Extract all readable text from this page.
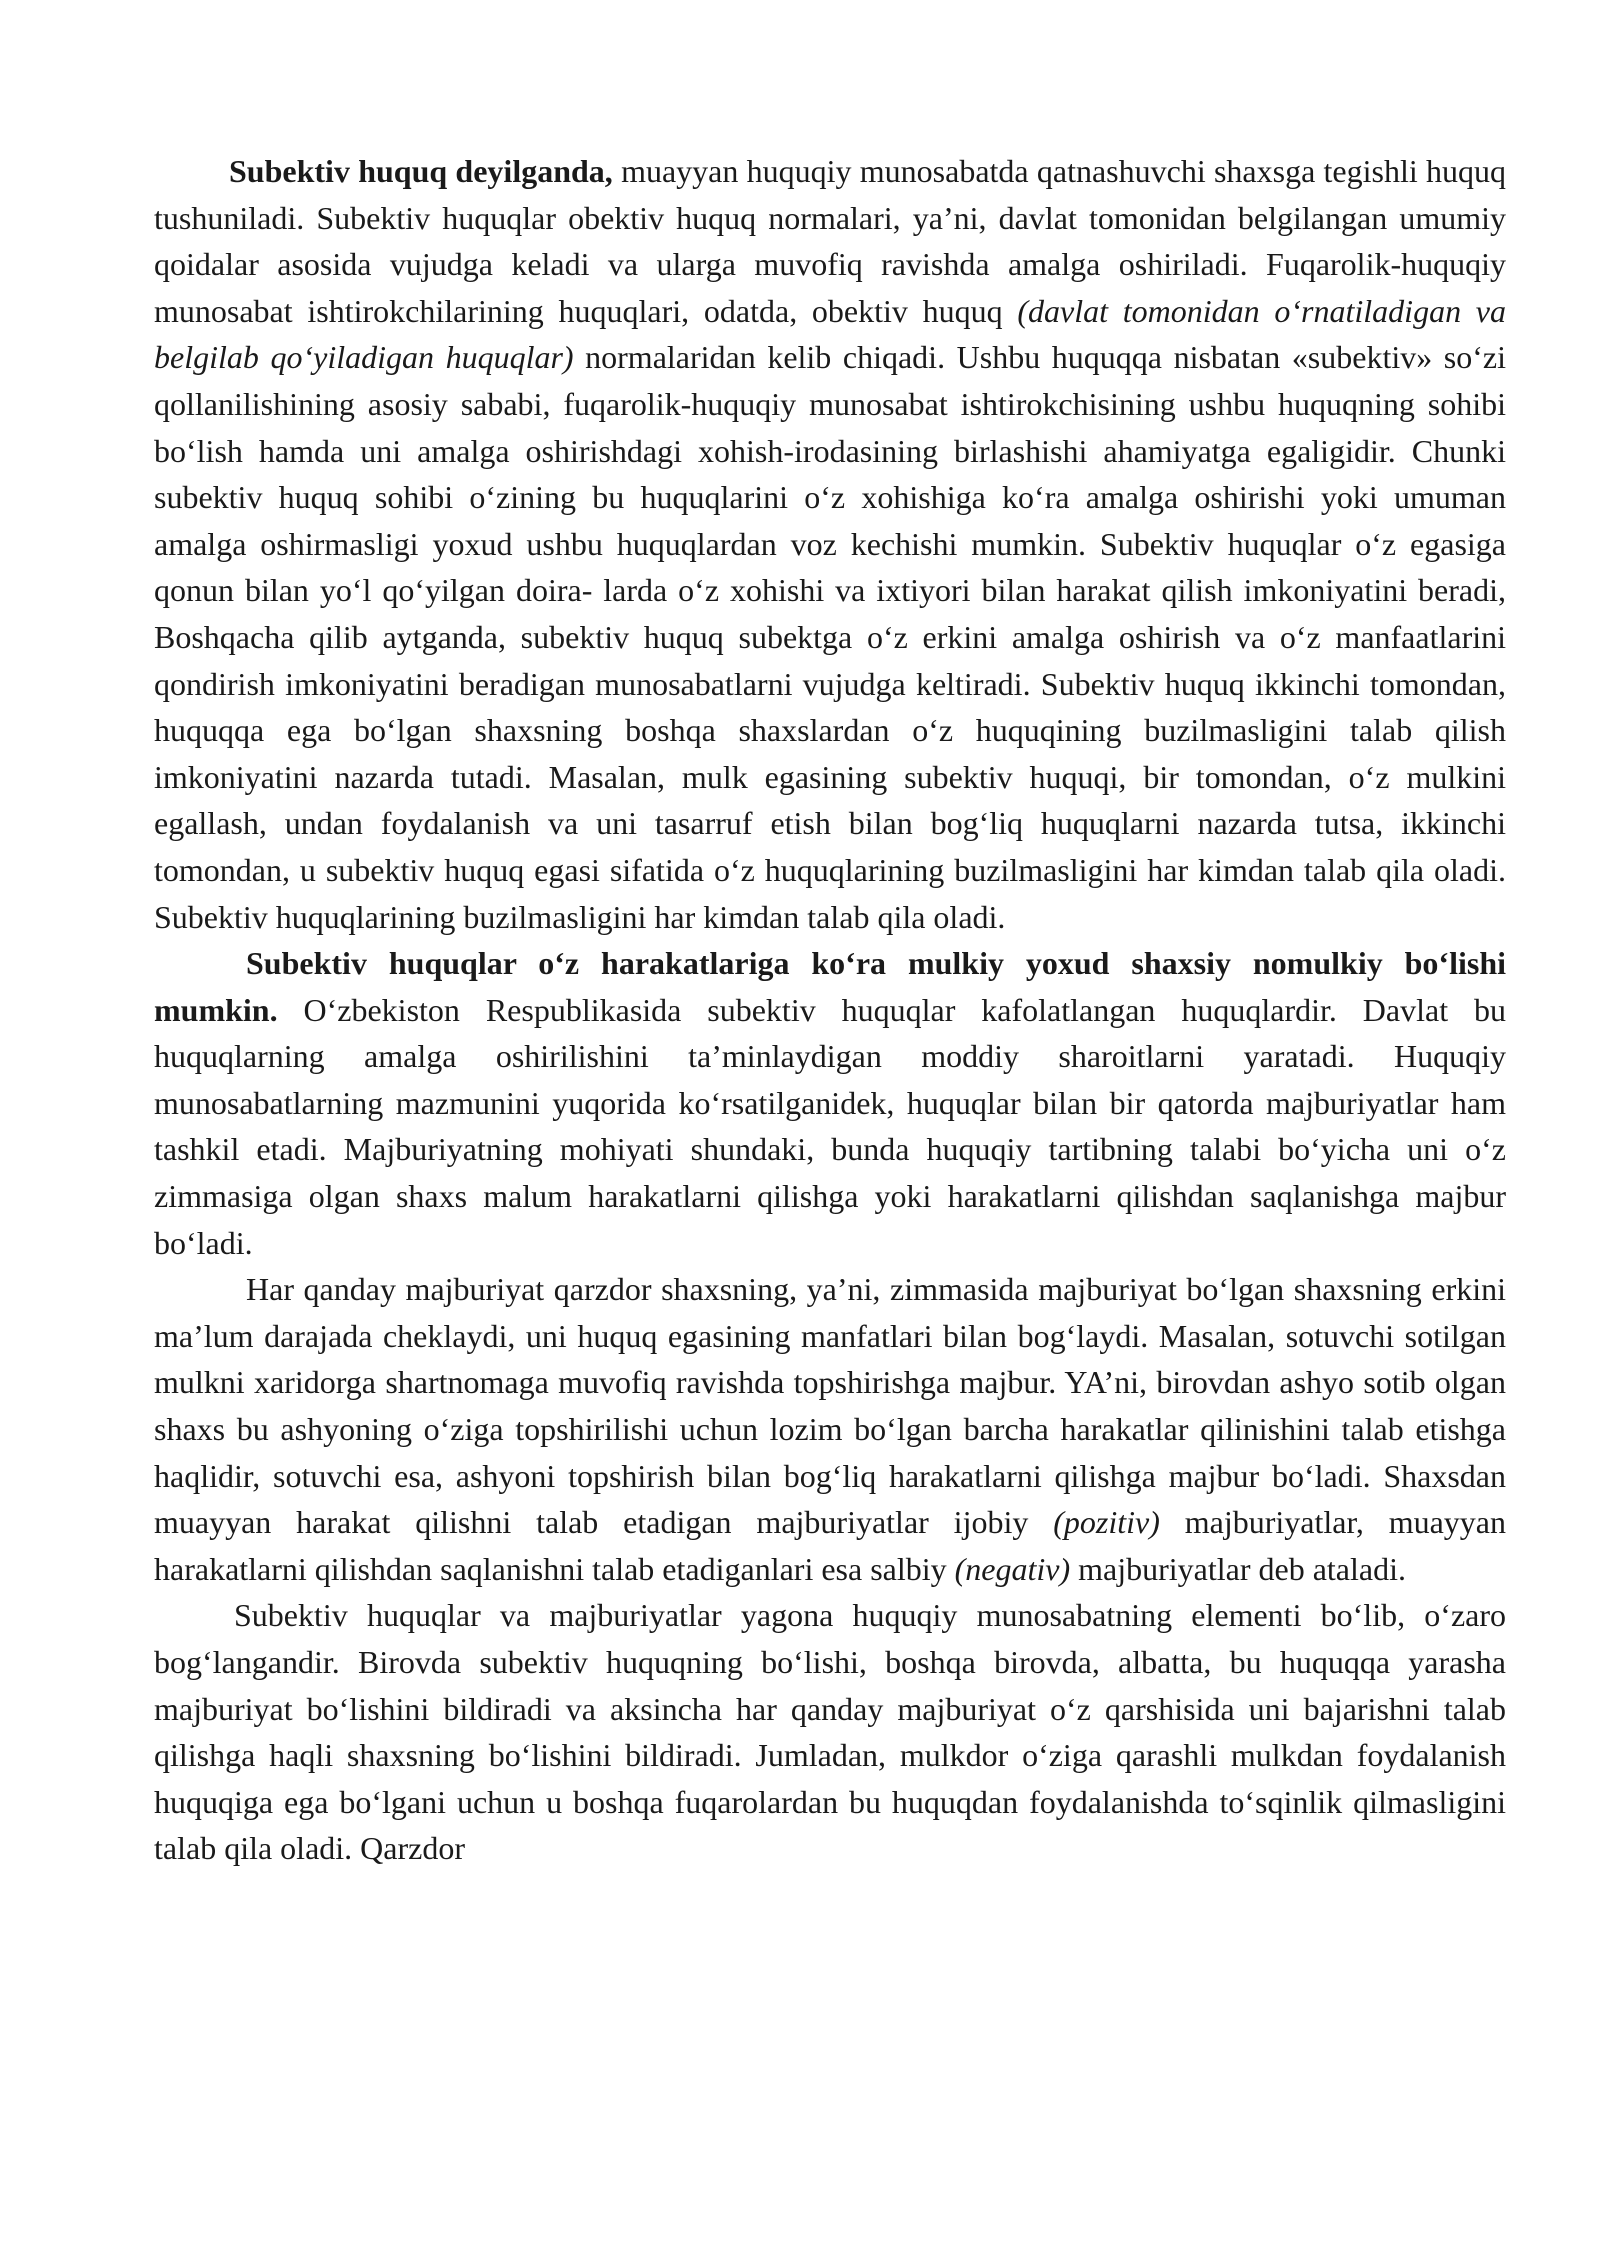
Subektiv huquq deyilganda, muayyan huquqiy munosabatda qatnashuvchi shaxsga tegishli huquq tushuniladi. Subektiv huquqlar obektiv huquq normalari, ya’ni, davlat tomonidan belgilangan umumiy qoidalar asosida vujudga keladi va ularga muvofiq ravishda amalga oshiriladi. Fuqarolik-huquqiy munosabat ishtirokchilarining huquqlari, odatda, obektiv huquq (davlat tomonidan o‘rnatiladigan va belgilab qo‘yiladigan huquqlar) normalaridan kelib chiqadi. Ushbu huquqqa nisbatan «subektiv» so‘zi qollanilishining asosiy sababi, fuqarolik-huquqiy munosabat ishtirokchisining ushbu huquqning sohibi bo‘lish hamda uni amalga oshirishdagi xohish-irodasining birlashishi ahamiyatga egaligidir. Chunki subektiv huquq sohibi o‘zining bu huquqlarini o‘z xohishiga ko‘ra amalga oshirishi yoki umuman amalga oshirmasligi yoxud ushbu huquqlardan voz kechishi mumkin. Subektiv huquqlar o‘z egasiga qonun bilan yo‘l qo‘yilgan doira- larda o‘z xohishi va ixtiyori bilan harakat qilish imkoniyatini beradi, Boshqacha qilib aytganda, subektiv huquq subektga o‘z erkini amalga oshirish va o‘z manfaatlarini qondirish imkoniyatini beradigan munosabatlarni vujudga keltiradi. Subektiv huquq ikkinchi tomondan, huquqqa ega bo‘lgan shaxsning boshqa shaxslardan o‘z huquqining buzilmasligini talab qilish imkoniyatini nazarda tutadi. Masalan, mulk egasining subektiv huquqi, bir tomondan, o‘z mulkini egallash, undan foydalanish va uni tasarruf etish bilan bog‘liq huquqlarni nazarda tutsa, ikkinchi tomondan, u subektiv huquq egasi sifatida o‘z huquqlarining buzilmasligini har kimdan talab qila oladi. Subektiv huquqlarining buzilmasligini har kimdan talab qila oladi.

Subektiv huquqlar o‘z harakatlariga ko‘ra mulkiy yoxud shaxsiy nomulkiy bo‘lishi mumkin. O‘zbekiston Respublikasida subektiv huquqlar kafolatlangan huquqlardir. Davlat bu huquqlarning amalga oshirilishini ta’minlaydigan moddiy sharoitlarni yaratadi. Huquqiy munosabatlarning mazmunini yuqorida ko‘rsatilganidek, huquqlar bilan bir qatorda majburiyatlar ham tashkil etadi. Majburiyatning mohiyati shundaki, bunda huquqiy tartibning talabi bo‘yicha uni o‘z zimmasiga olgan shaxs malum harakatlarni qilishga yoki harakatlarni qilishdan saqlanishga majbur bo‘ladi.

Har qanday majburiyat qarzdor shaxsning, ya’ni, zimmasida majburiyat bo‘lgan shaxsning erkini ma’lum darajada cheklaydi, uni huquq egasining manfatlari bilan bog‘laydi. Masalan, sotuvchi sotilgan mulkni xaridorga shartnomaga muvofiq ravishda topshirishga majbur. YA’ni, birovdan ashyo sotib olgan shaxs bu ashyoning o‘ziga topshirilishi uchun lozim bo‘lgan barcha harakatlar qilinishini talab etishga haqlidir, sotuvchi esa, ashyoni topshirish bilan bog‘liq harakatlarni qilishga majbur bo‘ladi. Shaxsdan muayyan harakat qilishni talab etadigan majburiyatlar ijobiy (pozitiv) majburiyatlar, muayyan harakatlarni qilishdan saqlanishni talab etadiganlari esa salbiy (negativ) majburiyatlar deb ataladi.

Subektiv huquqlar va majburiyatlar yagona huquqiy munosabatning elementi bo‘lib, o‘zaro bog‘langandir. Birovda subektiv huquqning bo‘lishi, boshqa birovda, albatta, bu huquqqa yarasha majburiyat bo‘lishini bildiradi va aksincha har qanday majburiyat o‘z qarshisida uni bajarishni talab qilishga haqli shaxsning bo‘lishini bildiradi. Jumladan, mulkdor o‘ziga qarashli mulkdan foydalanish huquqiga ega bo‘lgani uchun u boshqa fuqarolardan bu huquqdan foydalanishda to‘sqinlik qilmasligini talab qila oladi. Qarzdor
